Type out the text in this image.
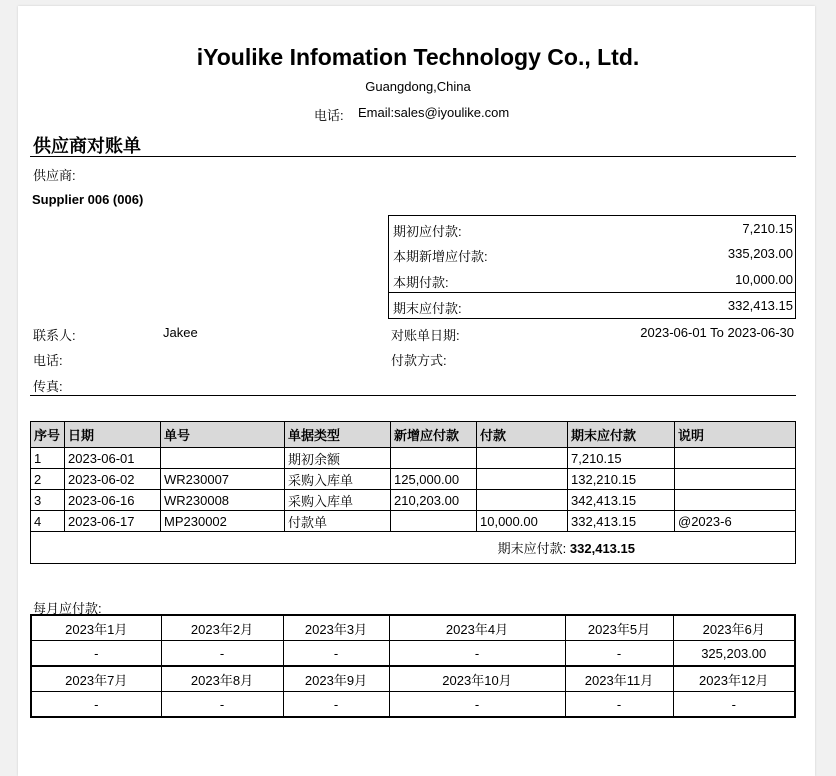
iYoulike Infomation Technology Co., Ltd.
Guangdong,China
电话: Email:sales@iyoulike.com
供应商对账单
供应商:
Supplier 006 (006)
期初应付款:	7,210.15
本期新增应付款:	335,203.00
本期付款:	10,000.00
期末应付款:	332,413.15
联系人:	Jakee
电话:
传真:
对账单日期:	2023-06-01 To 2023-06-30
付款方式:
序号	日期	单号	单据类型	新增应付款	付款	期末应付款	说明
1	2023-06-01		期初余额			7,210.15	
2	2023-06-02	WR230007	采购入库单	125,000.00		132,210.15	
3	2023-06-16	WR230008	采购入库单	210,203.00		342,413.15	
4	2023-06-17	MP230002	付款单		10,000.00	332,413.15	@2023-6
期末应付款: 332,413.15							
每月应付款:
2023年1月	2023年2月	2023年3月	2023年4月	2023年5月	2023年6月
-	-	-	-	-	325,203.00
2023年7月	2023年8月	2023年9月	2023年10月	2023年11月	2023年12月
-	-	-	-	-	-
